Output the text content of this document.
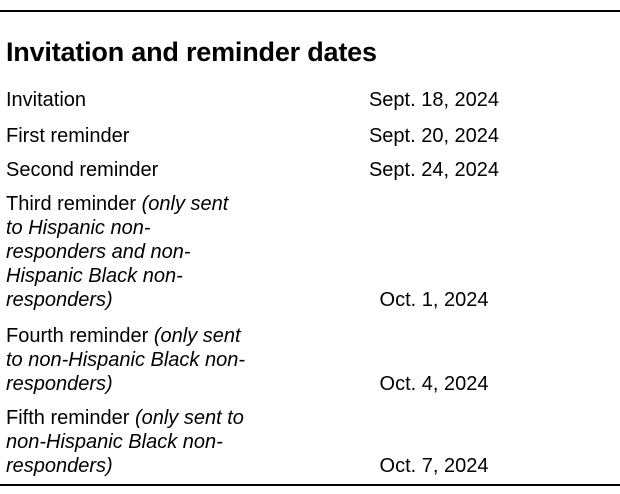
Invitation and reminder dates
Invitation	Sept. 18, 2024
First reminder	Sept. 20, 2024
Second reminder	Sept. 24, 2024
Third reminder (only sent to Hispanic non-responders and non-Hispanic Black non-responders)	Oct. 1, 2024
Fourth reminder (only sent to non-Hispanic Black non-responders)	Oct. 4, 2024
Fifth reminder (only sent to non-Hispanic Black non-responders)	Oct. 7, 2024
